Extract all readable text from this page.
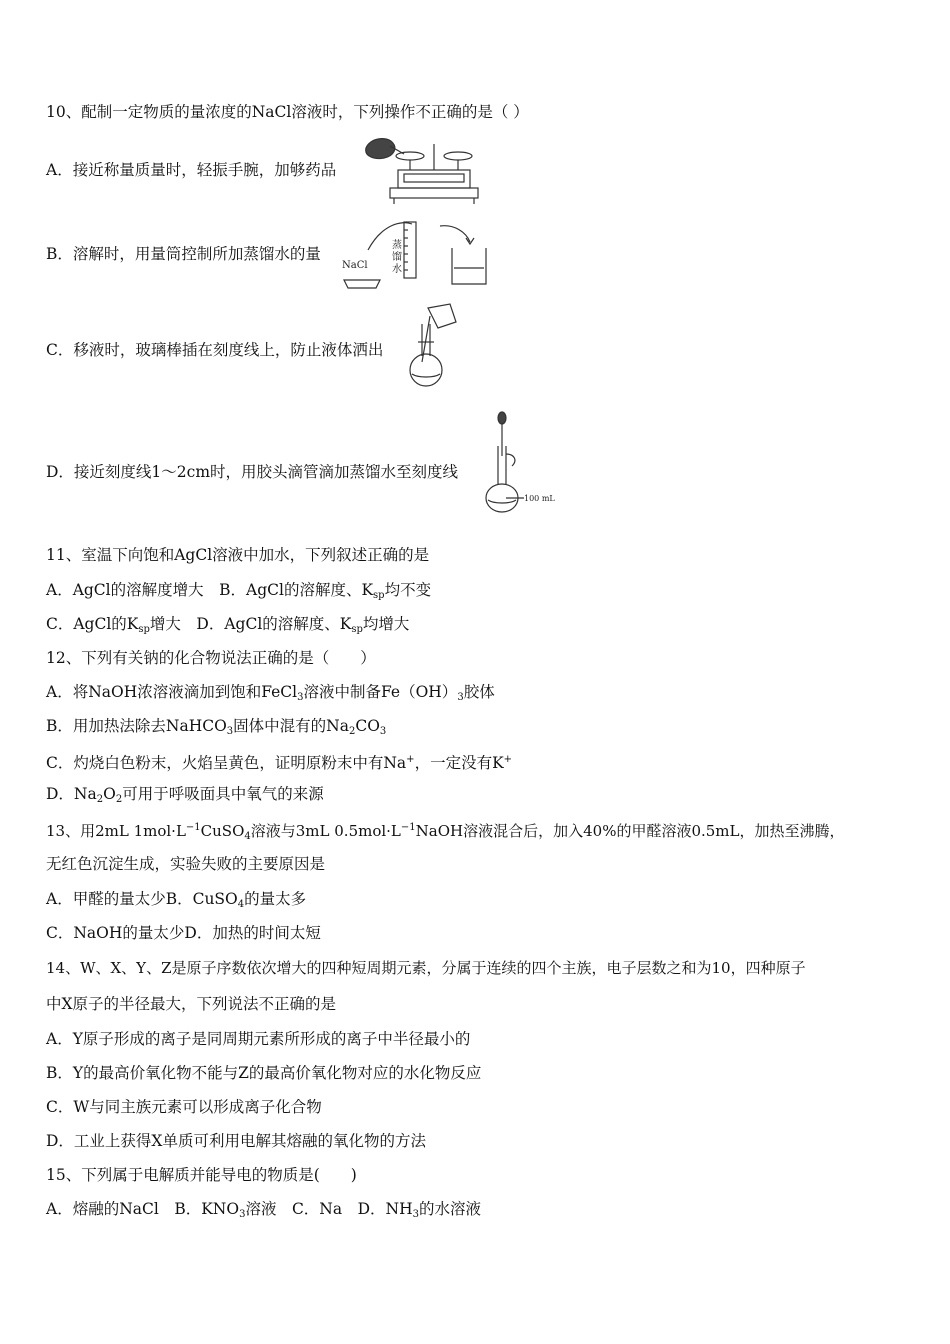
10、配制一定物质的量浓度的NaCl溶液时，下列操作不正确的是（ ）
A．接近称量质量时，轻振手腕，加够药品
B．溶解时，用量筒控制所加蒸馏水的量
NaCl
蒸
馏
水
C．移液时，玻璃棒插在刻度线上，防止液体洒出
D．接近刻度线1～2cm时，用胶头滴管滴加蒸馏水至刻度线
100 mL
11、室温下向饱和AgCl溶液中加水，下列叙述正确的是
A．AgCl的溶解度增大　B．AgCl的溶解度、$K_{sp}$均不变
C．AgCl的$K_{sp}$增大　D．AgCl的溶解度、$K_{sp}$均增大
12、下列有关钠的化合物说法正确的是（　　）
A．将NaOH浓溶液滴加到饱和FeCl$_3$溶液中制备$Fe(OH)_3$胶体
B．用加热法除去NaHCO$_3$固体中混有的$Na_2CO_3$
C．灼烧白色粉末，火焰呈黄色，证明原粉末中有Na+，一定没有K+
D．$Na_2O_2$可用于呼吸面具中氧气的来源
13、用2mL $1mol\cdot L^{-1}CuSO_4$溶液与3mL $0.5mol\cdot L^{-1}NaOH$溶液混合后，加入40%的甲醛溶液0.5mL，加热至沸腾，
无红色沉淀生成，实验失败的主要原因是
A．甲醛的量太少B．CuSO$_4$的量太多
C．NaOH的量太少D．加热的时间太短
14、W、X、Y、Z是原子序数依次增大的四种短周期元素，分属于连续的四个主族，电子层数之和为10，四种原子
中X原子的半径最大，下列说法不正确的是
A．Y原子形成的离子是同周期元素所形成的离子中半径最小的
B．Y的最高价氧化物不能与Z的最高价氧化物对应的水化物反应
C．W与同主族元素可以形成离子化合物
D．工业上获得X单质可利用电解其熔融的氧化物的方法
15、下列属于电解质并能导电的物质是(　　)
A．熔融的NaCl　B．$KNO_3$溶液　C．Na　D．$NH_3$的水溶液
